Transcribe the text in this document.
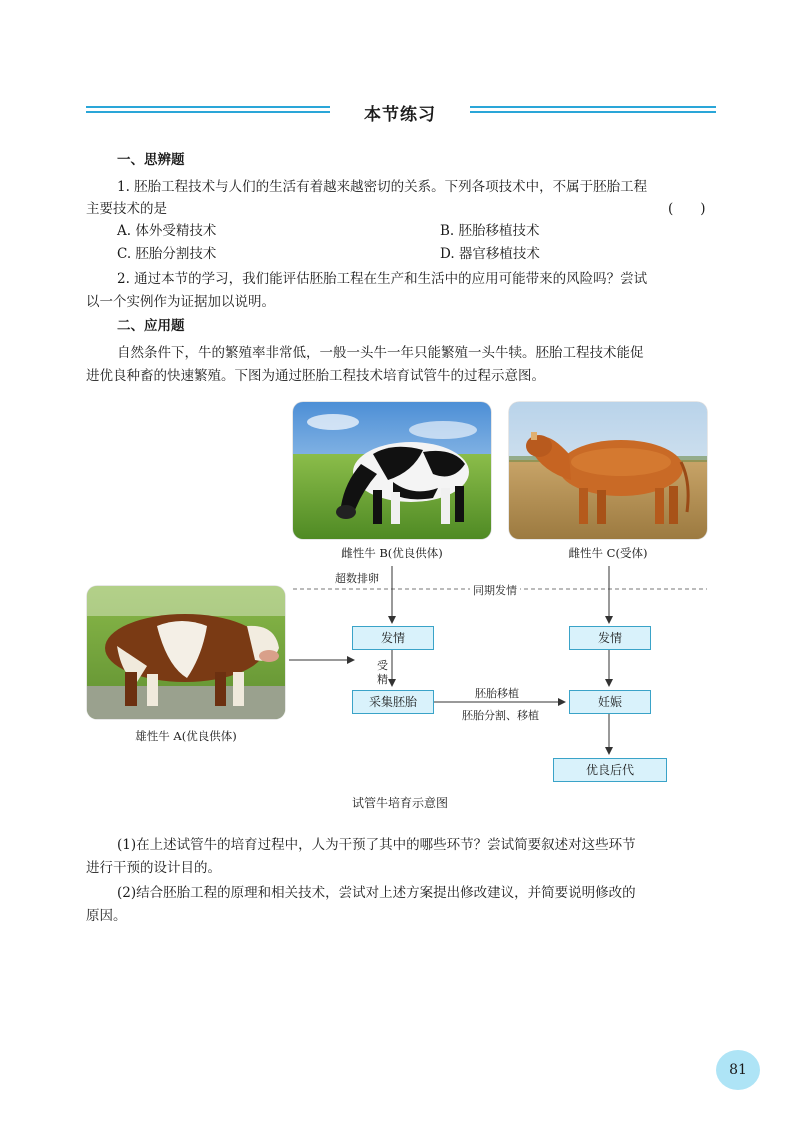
本节练习
一、思辨题
1. 胚胎工程技术与人们的生活有着越来越密切的关系。下列各项技术中，不属于胚胎工程
主要技术的是	(　　)
A. 体外受精技术	B. 胚胎移植技术
C. 胚胎分割技术	D. 器官移植技术
2. 通过本节的学习，我们能评估胚胎工程在生产和生活中的应用可能带来的风险吗？尝试
以一个实例作为证据加以说明。
二、应用题
自然条件下，牛的繁殖率非常低，一般一头牛一年只能繁殖一头牛犊。胚胎工程技术能促
进优良种畜的快速繁殖。下图为通过胚胎工程技术培育试管牛的过程示意图。
雌性牛 B(优良供体)	雌性牛 C(受体)
雄性牛 A(优良供体)
超数排卵
同期发情
发情	发情
受
精
采集胚胎	妊娠
胚胎移植
胚胎分割、移植
优良后代
试管牛培育示意图
(1)在上述试管牛的培育过程中，人为干预了其中的哪些环节？尝试简要叙述对这些环节
进行干预的设计目的。
(2)结合胚胎工程的原理和相关技术，尝试对上述方案提出修改建议，并简要说明修改的
原因。
81
